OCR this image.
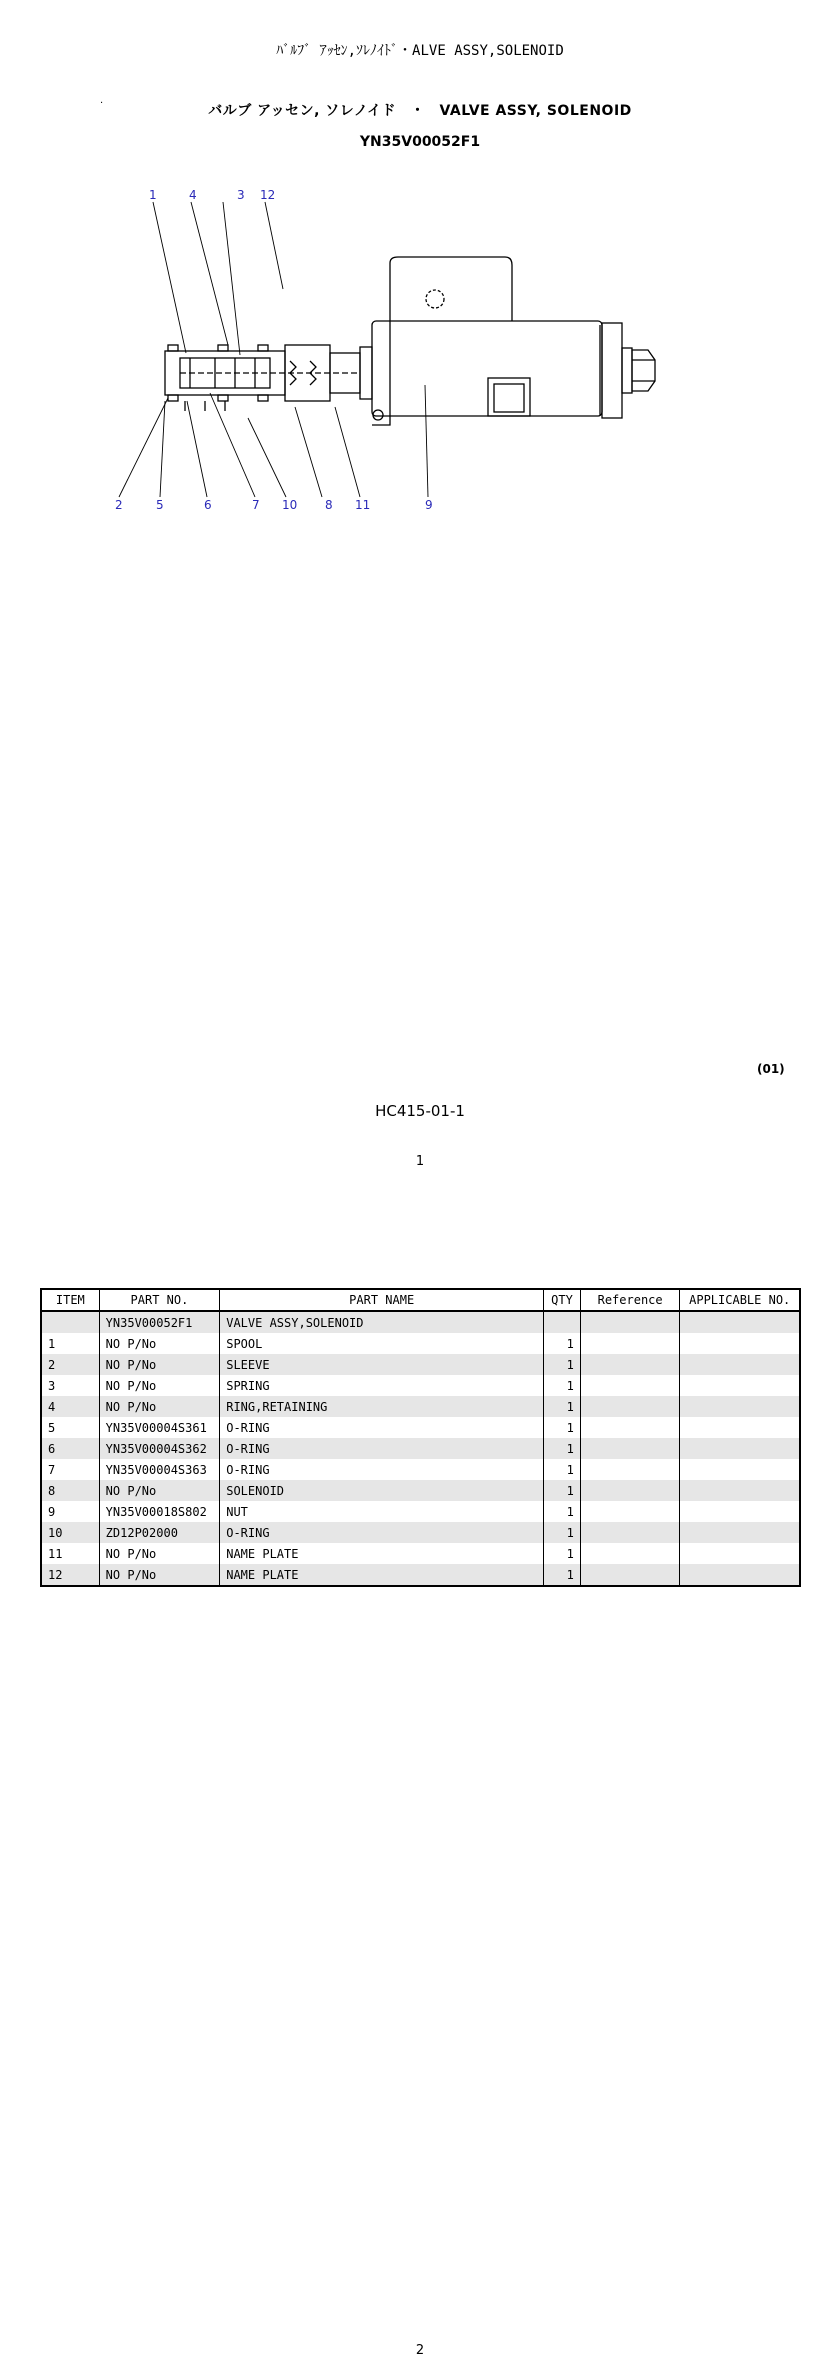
ﾊﾞﾙﾌﾞ ｱｯｾﾝ,ｿﾚﾉｲﾄﾞ・ALVE ASSY,SOLENOID
·	バルブ アッセン, ソレノイド　・　VALVE ASSY, SOLENOID
YN35V00052F1
1	4	3 12
2	5	6	7 10 8 11	9
(01)
HC415-01-1
1
ITEM	PART NO.	PART NAME	QTY	Reference	APPLICABLE NO.
	YN35V00052F1	VALVE ASSY,SOLENOID			
1	NO P/No	SPOOL	1		
2	NO P/No	SLEEVE	1		
3	NO P/No	SPRING	1		
4	NO P/No	RING,RETAINING	1		
5	YN35V00004S361	O-RING	1		
6	YN35V00004S362	O-RING	1		
7	YN35V00004S363	O-RING	1		
8	NO P/No	SOLENOID	1		
9	YN35V00018S802	NUT	1		
10	ZD12P02000	O-RING	1		
11	NO P/No	NAME PLATE	1		
12	NO P/No	NAME PLATE	1		
2
